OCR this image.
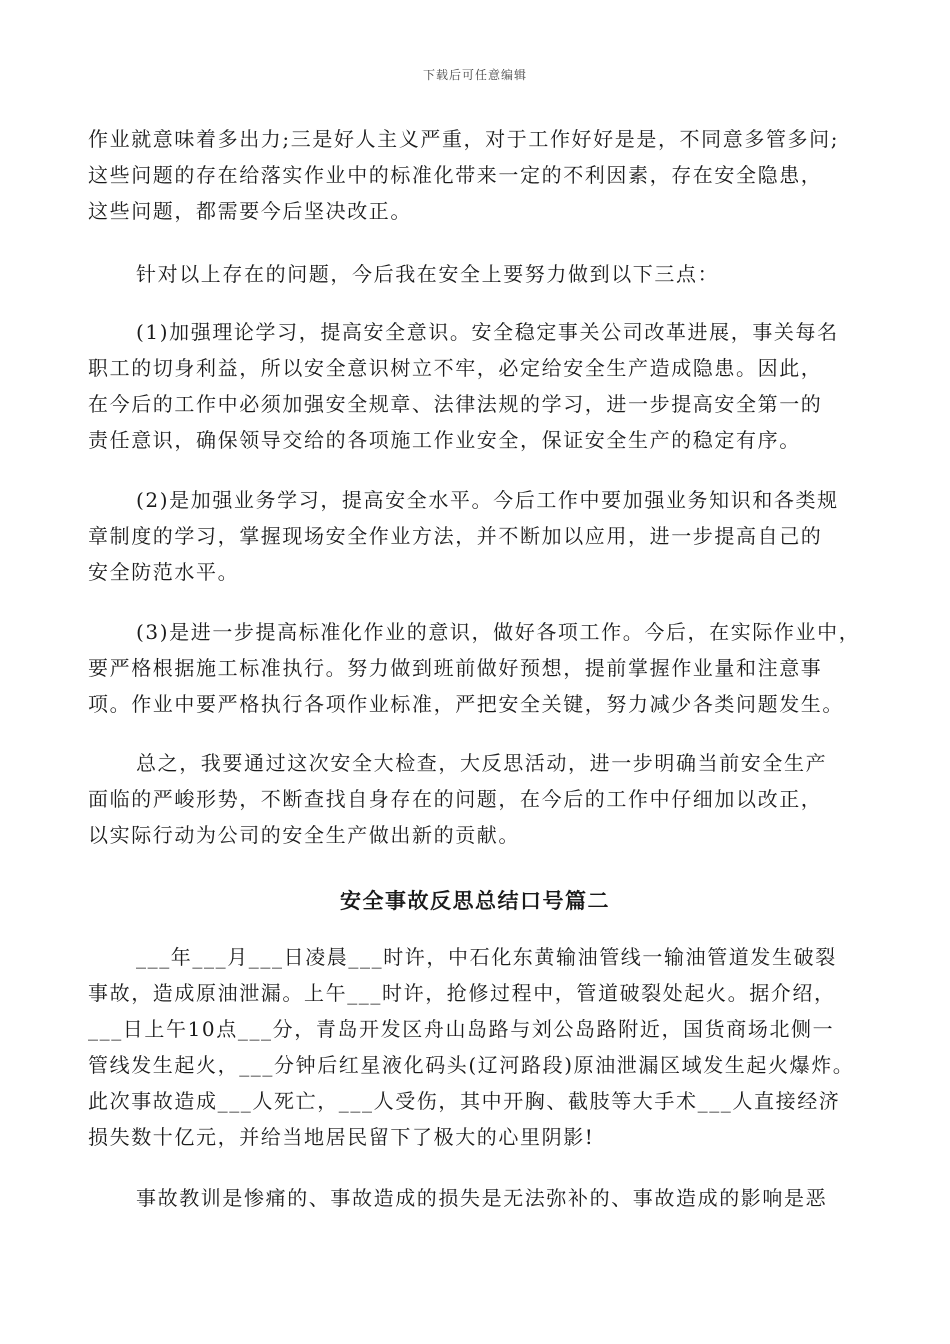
下载后可任意编辑

作业就意味着多出力;三是好人主义严重，对于工作好好是是，不同意多管多问;
这些问题的存在给落实作业中的标准化带来一定的不利因素，存在安全隐患，
这些问题，都需要今后坚决改正。

针对以上存在的问题，今后我在安全上要努力做到以下三点：

(1)加强理论学习，提高安全意识。安全稳定事关公司改革进展，事关每名
职工的切身利益，所以安全意识树立不牢，必定给安全生产造成隐患。因此，
在今后的工作中必须加强安全规章、法律法规的学习，进一步提高安全第一的
责任意识，确保领导交给的各项施工作业安全，保证安全生产的稳定有序。

(2)是加强业务学习，提高安全水平。今后工作中要加强业务知识和各类规
章制度的学习，掌握现场安全作业方法，并不断加以应用，进一步提高自己的
安全防范水平。

(3)是进一步提高标准化作业的意识，做好各项工作。今后，在实际作业中，
要严格根据施工标准执行。努力做到班前做好预想，提前掌握作业量和注意事
项。作业中要严格执行各项作业标准，严把安全关键，努力减少各类问题发生。

总之，我要通过这次安全大检查，大反思活动，进一步明确当前安全生产
面临的严峻形势，不断查找自身存在的问题，在今后的工作中仔细加以改正，
以实际行动为公司的安全生产做出新的贡献。

安全事故反思总结口号篇二

___年___月___日凌晨___时许，中石化东黄输油管线一输油管道发生破裂
事故，造成原油泄漏。上午___时许，抢修过程中，管道破裂处起火。据介绍，
___日上午10点___分，青岛开发区舟山岛路与刘公岛路附近，国货商场北侧一
管线发生起火，___分钟后红星液化码头(辽河路段)原油泄漏区域发生起火爆炸。
此次事故造成___人死亡，___人受伤，其中开胸、截肢等大手术___人直接经济
损失数十亿元，并给当地居民留下了极大的心里阴影!

事故教训是惨痛的、事故造成的损失是无法弥补的、事故造成的影响是恶
